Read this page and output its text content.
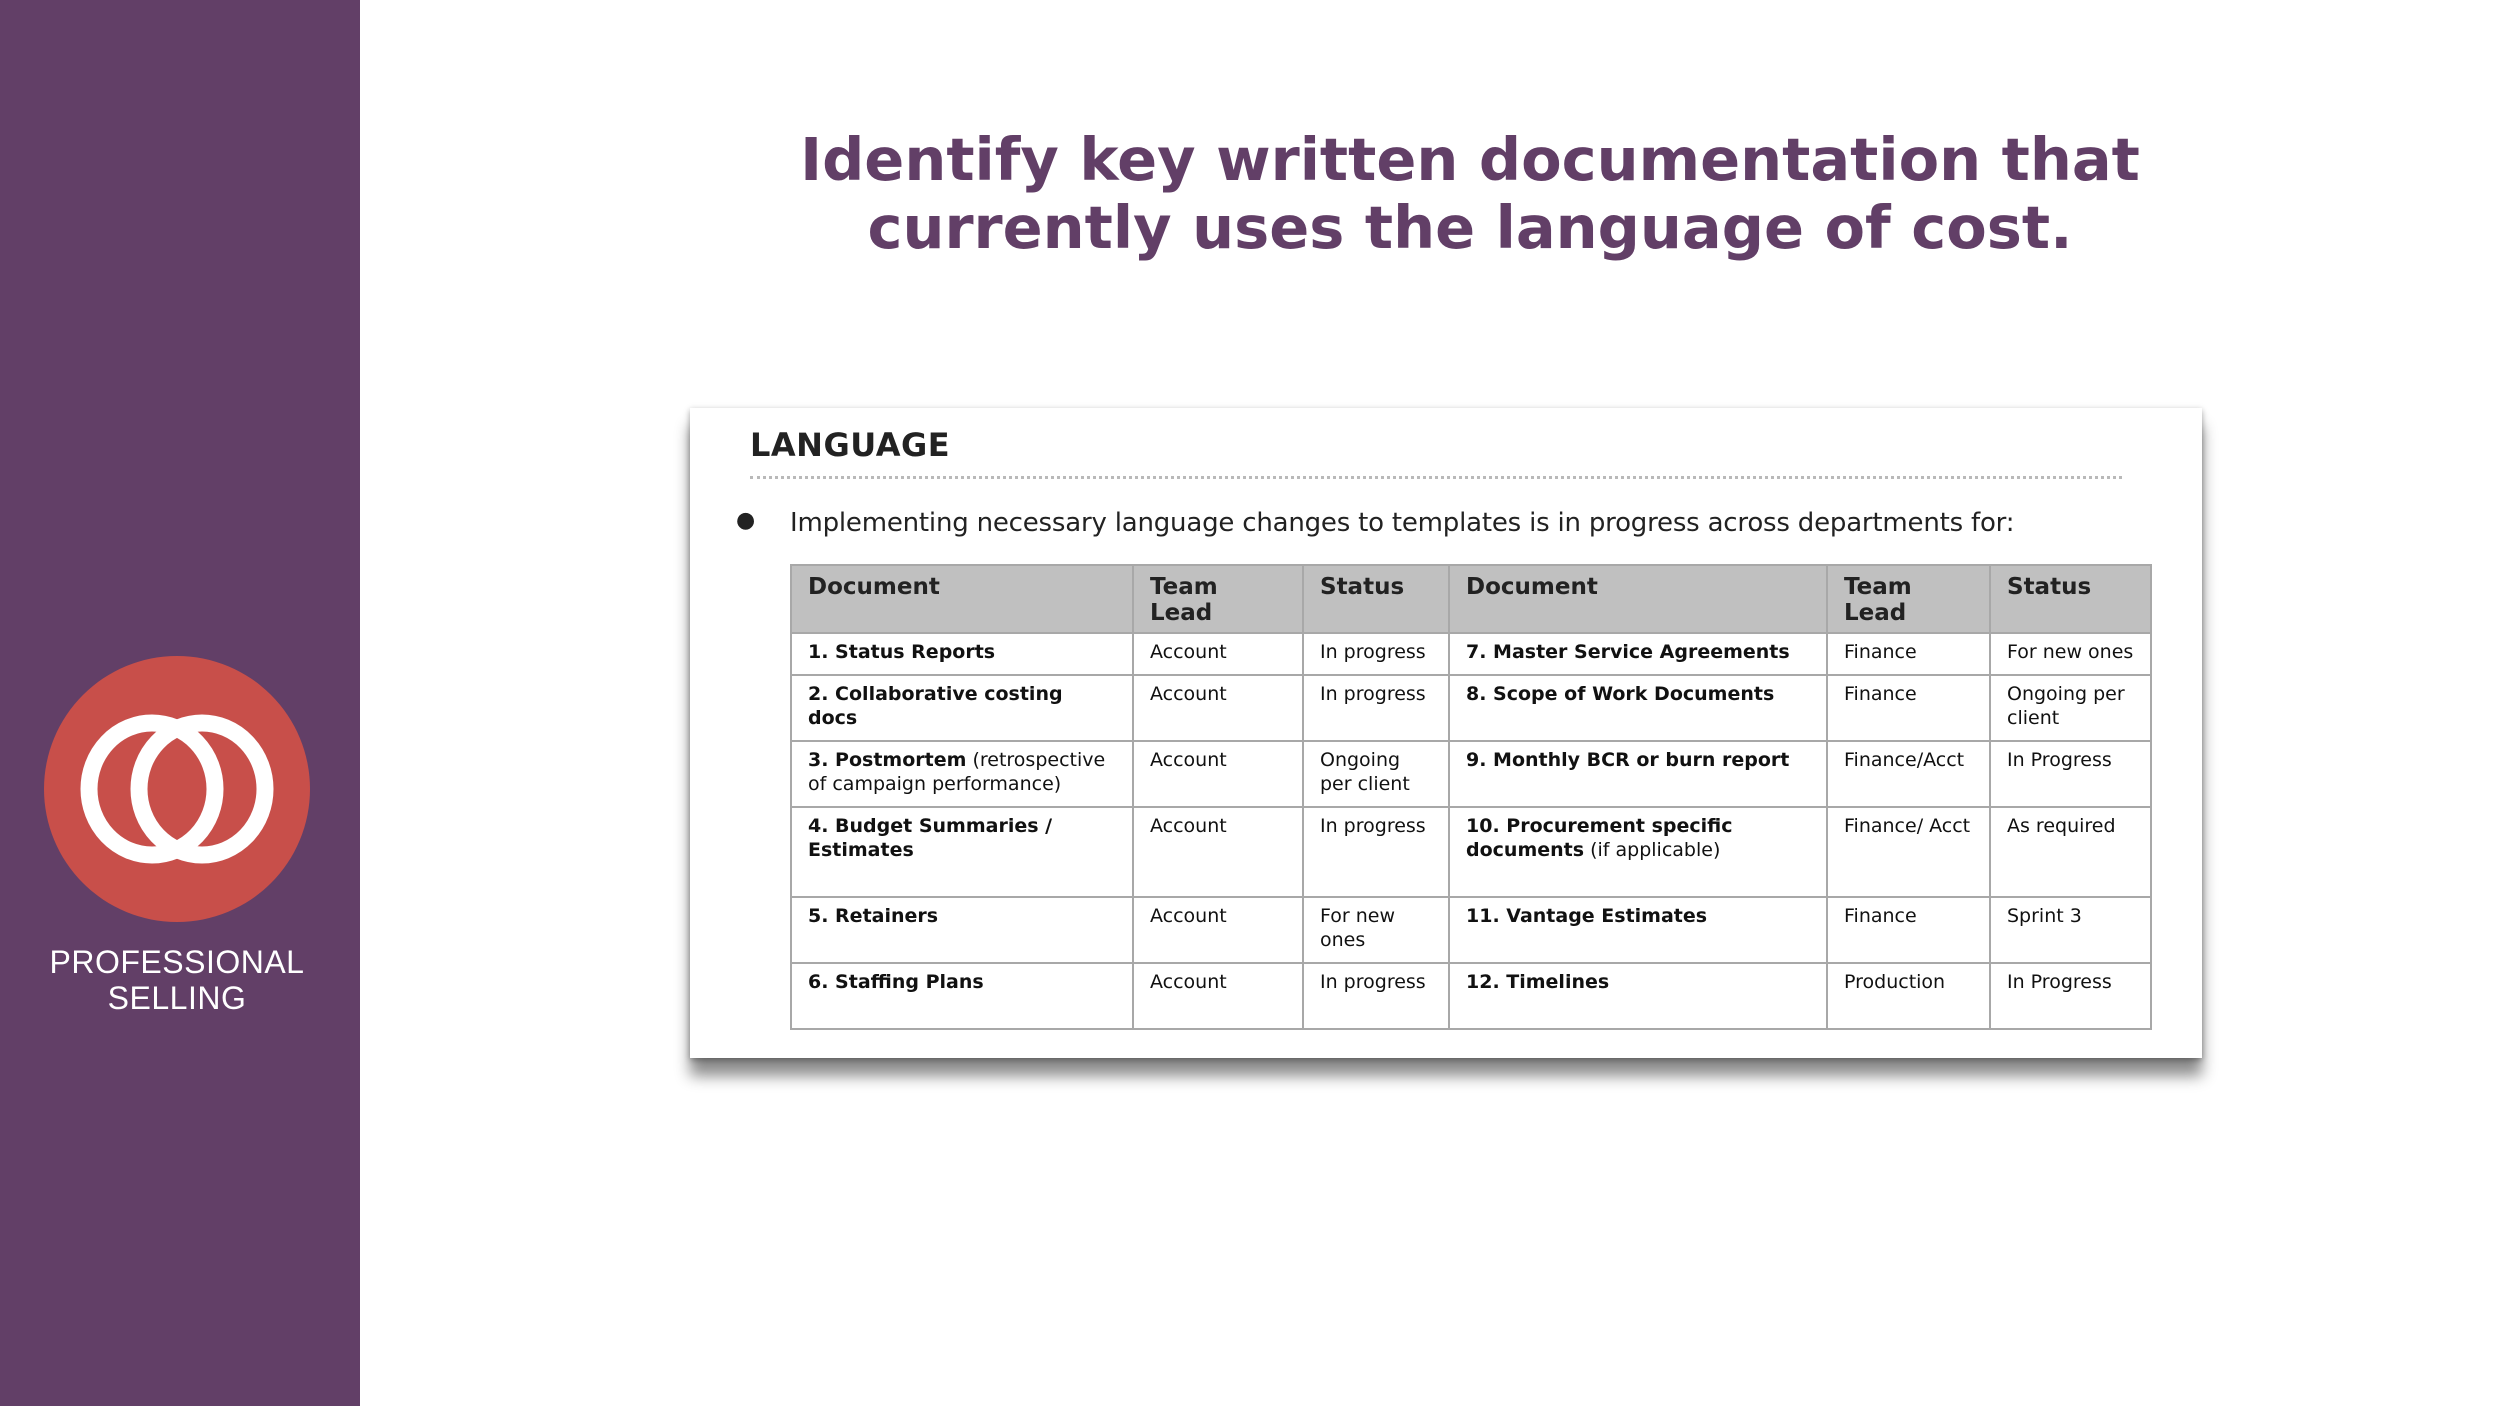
PROFESSIONAL
SELLING
Identify key written documentation that
currently uses the language of cost.
LANGUAGE
● Implementing necessary language changes to templates is in progress across departments for:
Document	Team Lead	Status	Document	Team Lead	Status
1. Status Reports	Account	In progress	7. Master Service Agreements	Finance	For new ones
2. Collaborative costing docs	Account	In progress	8. Scope of Work Documents	Finance	Ongoing per client
3. Postmortem (retrospective of campaign performance)	Account	Ongoing per client	9. Monthly BCR or burn report	Finance/Acct	In Progress
4. Budget Summaries / Estimates	Account	In progress	10. Procurement specific documents (if applicable)	Finance/ Acct	As required
5. Retainers	Account	For new ones	11. Vantage Estimates	Finance	Sprint 3
6. Staffing Plans	Account	In progress	12. Timelines	Production	In Progress
